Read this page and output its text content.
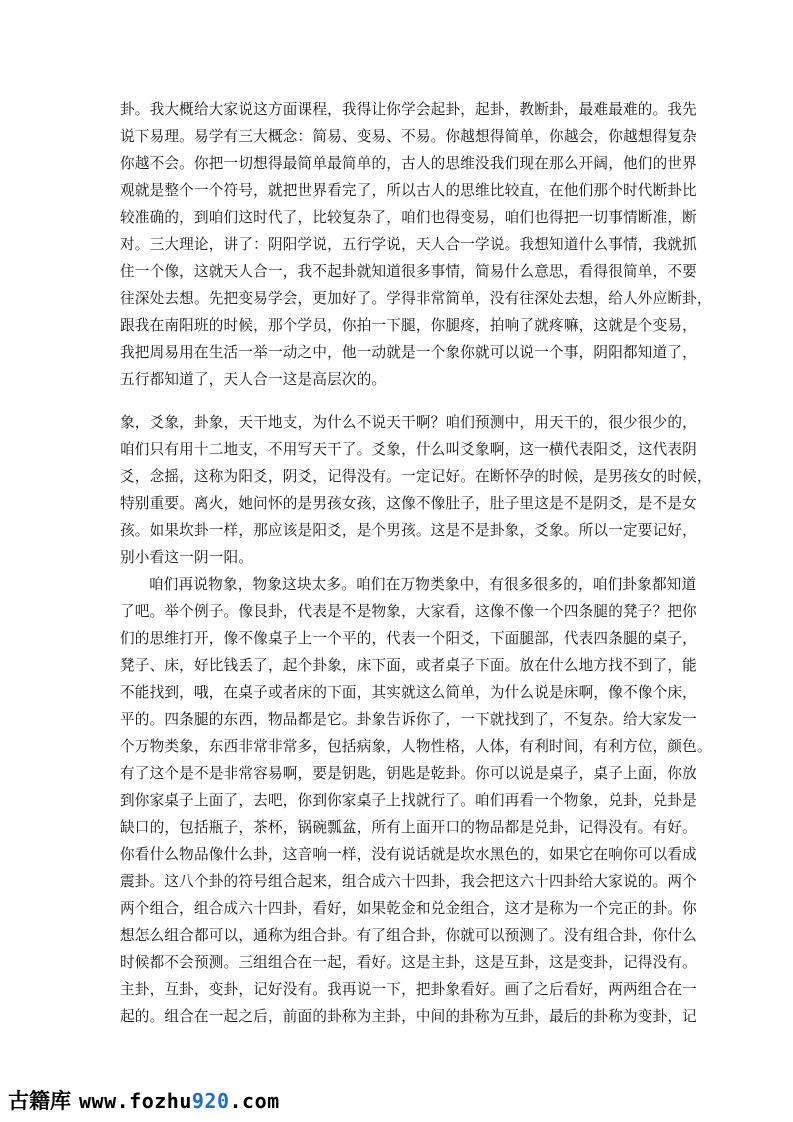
卦。我大概给大家说这方面课程，我得让你学会起卦，起卦，教断卦，最难最难的。我先
说下易理。易学有三大概念：简易、变易、不易。你越想得简单，你越会，你越想得复杂
你越不会。你把一切想得最简单最简单的，古人的思维没我们现在那么开阔，他们的世界
观就是整个一个符号，就把世界看完了，所以古人的思维比较直，在他们那个时代断卦比
较准确的，到咱们这时代了，比较复杂了，咱们也得变易，咱们也得把一切事情断准，断
对。三大理论，讲了：阴阳学说，五行学说，天人合一学说。我想知道什么事情，我就抓
住一个像，这就天人合一，我不起卦就知道很多事情，简易什么意思，看得很简单，不要
往深处去想。先把变易学会，更加好了。学得非常简单，没有往深处去想，给人外应断卦，
跟我在南阳班的时候，那个学员，你拍一下腿，你腿疼，拍响了就疼嘛，这就是个变易，
我把周易用在生活一举一动之中，他一动就是一个象你就可以说一个事，阴阳都知道了，
五行都知道了，天人合一这是高层次的。
象，爻象，卦象，天干地支，为什么不说天干啊？咱们预测中，用天干的，很少很少的，
咱们只有用十二地支，不用写天干了。爻象，什么叫爻象啊，这一横代表阳爻，这代表阴
爻，念摇，这称为阳爻，阴爻，记得没有。一定记好。在断怀孕的时候，是男孩女的时候，
特别重要。离火，她问怀的是男孩女孩，这像不像肚子，肚子里这是不是阴爻，是不是女
孩。如果坎卦一样，那应该是阳爻，是个男孩。这是不是卦象，爻象。所以一定要记好，
别小看这一阴一阳。
咱们再说物象，物象这块太多。咱们在万物类象中，有很多很多的，咱们卦象都知道
了吧。举个例子。像艮卦，代表是不是物象，大家看，这像不像一个四条腿的凳子？把你
们的思维打开，像不像桌子上一个平的，代表一个阳爻，下面腿部，代表四条腿的桌子，
凳子、床，好比钱丢了，起个卦象，床下面，或者桌子下面。放在什么地方找不到了，能
不能找到，哦，在桌子或者床的下面，其实就这么简单，为什么说是床啊，像不像个床，
平的。四条腿的东西，物品都是它。卦象告诉你了，一下就找到了，不复杂。给大家发一
个万物类象，东西非常非常多，包括病象，人物性格，人体，有利时间，有利方位，颜色。
有了这个是不是非常容易啊，要是钥匙，钥匙是乾卦。你可以说是桌子，桌子上面，你放
到你家桌子上面了，去吧，你到你家桌子上找就行了。咱们再看一个物象，兑卦，兑卦是
缺口的，包括瓶子，茶杯，锅碗瓢盆，所有上面开口的物品都是兑卦，记得没有。有好。
你看什么物品像什么卦，这音响一样，没有说话就是坎水黑色的，如果它在响你可以看成
震卦。这八个卦的符号组合起来，组合成六十四卦，我会把这六十四卦给大家说的。两个
两个组合，组合成六十四卦，看好，如果乾金和兑金组合，这才是称为一个完正的卦。你
想怎么组合都可以，通称为组合卦。有了组合卦，你就可以预测了。没有组合卦，你什么
时候都不会预测。三组组合在一起，看好。这是主卦，这是互卦，这是变卦，记得没有。
主卦，互卦，变卦，记好没有。我再说一下，把卦象看好。画了之后看好，两两组合在一
起的。组合在一起之后，前面的卦称为主卦，中间的卦称为互卦，最后的卦称为变卦，记
古籍库 www.fozhu920.com
